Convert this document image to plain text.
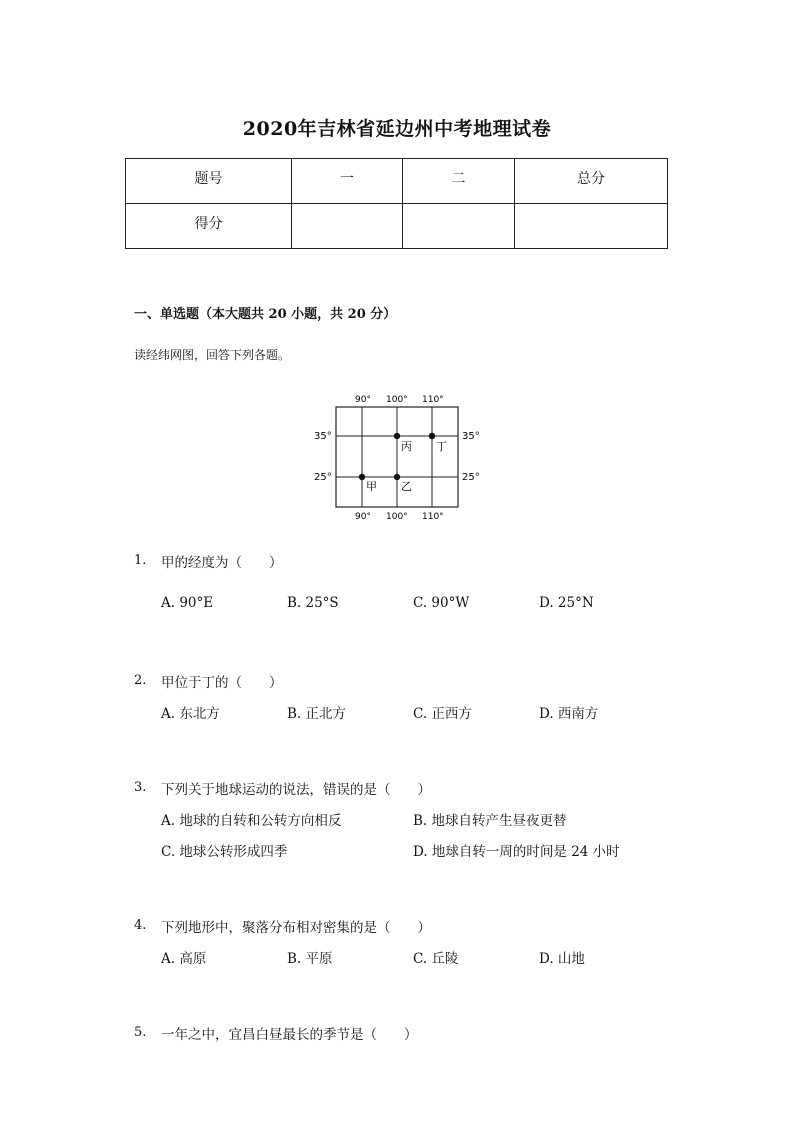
2020年吉林省延边州中考地理试卷
题号	一	二	总分
得分			
一、单选题（本大题共 20 小题，共 20 分）
读经纬网图，回答下列各题。
90° 100° 110°
90° 100° 110°
35°
25°
35°
25°
甲 乙
丙 丁
1. 甲的经度为（　　）
A. 90°E	B. 25°S	C. 90°W	D. 25°N
2. 甲位于丁的（　　）
A. 东北方	B. 正北方	C. 正西方	D. 西南方
3. 下列关于地球运动的说法，错误的是（　　）
A. 地球的自转和公转方向相反	B. 地球自转产生昼夜更替
C. 地球公转形成四季	D. 地球自转一周的时间是 24 小时
4. 下列地形中，聚落分布相对密集的是（　　）
A. 高原	B. 平原	C. 丘陵	D. 山地
5. 一年之中，宜昌白昼最长的季节是（　　）
